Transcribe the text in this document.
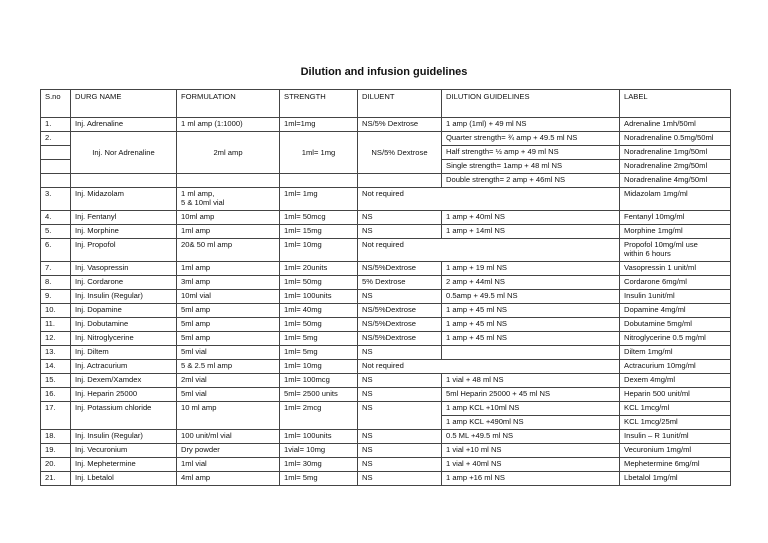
Dilution and infusion guidelines
S.no	DURG NAME	FORMULATION	STRENGTH	DILUENT	DILUTION GUIDELINES	LABEL
1.	Inj. Adrenaline	1 ml amp (1:1000)	1ml=1mg	NS/5% Dextrose	1 amp (1ml) + 49 ml NS	Adrenaline 1mh/50ml
2.	Inj. Nor Adrenaline	2ml amp	1ml= 1mg	NS/5% Dextrose	Quarter strength= ¾ amp + 49.5 ml NS	Noradrenaline 0.5mg/50ml
					Half strength= ½ amp + 49 ml NS	Noradrenaline 1mg/50ml
					Single strength= 1amp + 48 ml NS	Noradrenaline 2mg/50ml
					Double strength= 2 amp + 46ml NS	Noradrenaline 4mg/50ml
3.	Inj. Midazolam	1 ml amp,
5 & 10ml vial	1ml= 1mg	Not required		Midazolam 1mg/ml
4.	Inj. Fentanyl	10ml amp	1ml= 50mcg	NS	1 amp + 40ml NS	Fentanyl 10mg/ml
5.	Inj. Morphine	1ml amp	1ml= 15mg	NS	1 amp + 14ml NS	Morphine 1mg/ml
6.	Inj. Propofol	20& 50 ml amp	1ml= 10mg	Not required		Propofol 10mg/ml use
within 6 hours

7.	Inj. Vasopressin	1ml amp	1ml= 20units	NS/5%Dextrose	1 amp + 19 ml NS	Vasopressin 1 unit/ml
8.	Inj. Cordarone	3ml amp	1ml= 50mg	5% Dextrose	2 amp + 44ml NS	Cordarone 6mg/ml
9.	Inj. Insulin (Regular)	10ml vial	1ml= 100units	NS	0.5amp + 49.5 ml NS	Insulin 1unit/ml
10.	Inj. Dopamine	5ml amp	1ml= 40mg	NS/5%Dextrose	1 amp + 45 ml NS	Dopamine 4mg/ml
11.	Inj. Dobutamine	5ml amp	1ml= 50mg	NS/5%Dextrose	1 amp + 45 ml NS	Dobutamine 5mg/ml
12.	Inj. Nitroglycerine	5ml amp	1ml= 5mg	NS/5%Dextrose	1 amp + 45 ml NS	Nitroglycerine 0.5 mg/ml
13.	Inj. Diltem	5ml vial	1ml= 5mg	NS		Diltem 1mg/ml
14.	Inj. Actracurium	5 & 2.5 ml amp	1ml= 10mg	Not required		Actracurium 10mg/ml
15.	Inj. Dexem/Xamdex	2ml vial	1ml= 100mcg	NS	1 vial + 48 ml NS	Dexem 4mg/ml
16.	Inj. Heparin 25000	5ml vial	5ml= 2500 units	NS	5ml Heparin 25000 + 45 ml NS	Heparin 500 unit/ml
17.	Inj. Potassium chloride	10 ml amp	1ml= 2mcg	NS	1 amp KCL +10ml NS	KCL 1mcg/ml
					1 amp KCL +490ml NS	KCL 1mcg/25ml
18.	Inj. Insulin (Regular)	100 unit/ml vial	1ml= 100units	NS	0.5 ML +49.5 ml NS	Insulin – R 1unit/ml
19.	Inj. Vecuronium	Dry powder	1vial= 10mg	NS	1 vial +10 ml NS	Vecuronium 1mg/ml
20.	Inj. Mephetermine	1ml vial	1ml= 30mg	NS	1 vial + 40ml NS	Mephetermine 6mg/ml
21.	Inj. Lbetalol	4ml amp	1ml= 5mg	NS	1 amp +16 ml NS	Lbetalol 1mg/ml
